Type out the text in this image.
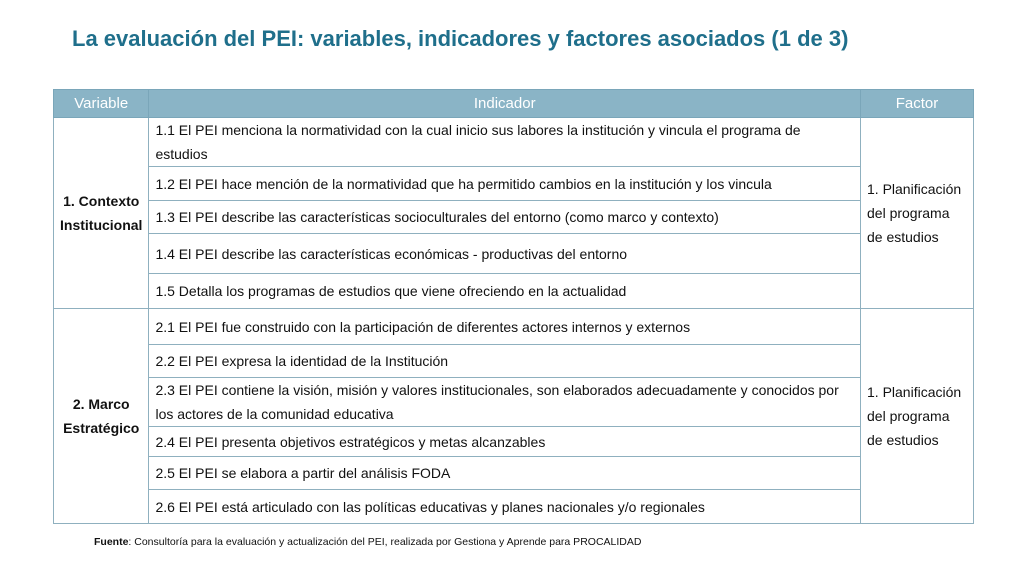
La evaluación del PEI: variables, indicadores y factores asociados (1 de 3)
Variable	Indicador	Factor
1. Contexto Institucional	1.1 El PEI menciona la normatividad con la cual inicio sus labores la institución y vincula el programa de estudios	1. Planificación del programa de estudios
	1.2 El PEI hace mención de la normatividad que ha permitido cambios en la institución y los vincula	
	1.3 El PEI describe las características socioculturales del entorno (como marco y contexto)	
	1.4 El PEI describe las características económicas - productivas del entorno	
	1.5 Detalla los programas de estudios que viene ofreciendo en la actualidad	
2. Marco Estratégico	2.1 El PEI fue construido con la participación de diferentes actores internos y externos	1. Planificación del programa de estudios
	2.2 El PEI expresa la identidad de la Institución	
	2.3 El PEI contiene la visión, misión y valores institucionales, son elaborados adecuadamente y conocidos por los actores de la comunidad educativa	
	2.4 El PEI presenta objetivos estratégicos y metas alcanzables	
	2.5 El PEI se elabora a partir del análisis FODA	
	2.6 El PEI está articulado con las políticas educativas y planes nacionales y/o regionales	
Fuente: Consultoría para la evaluación y actualización del PEI, realizada por Gestiona y Aprende para PROCALIDAD
